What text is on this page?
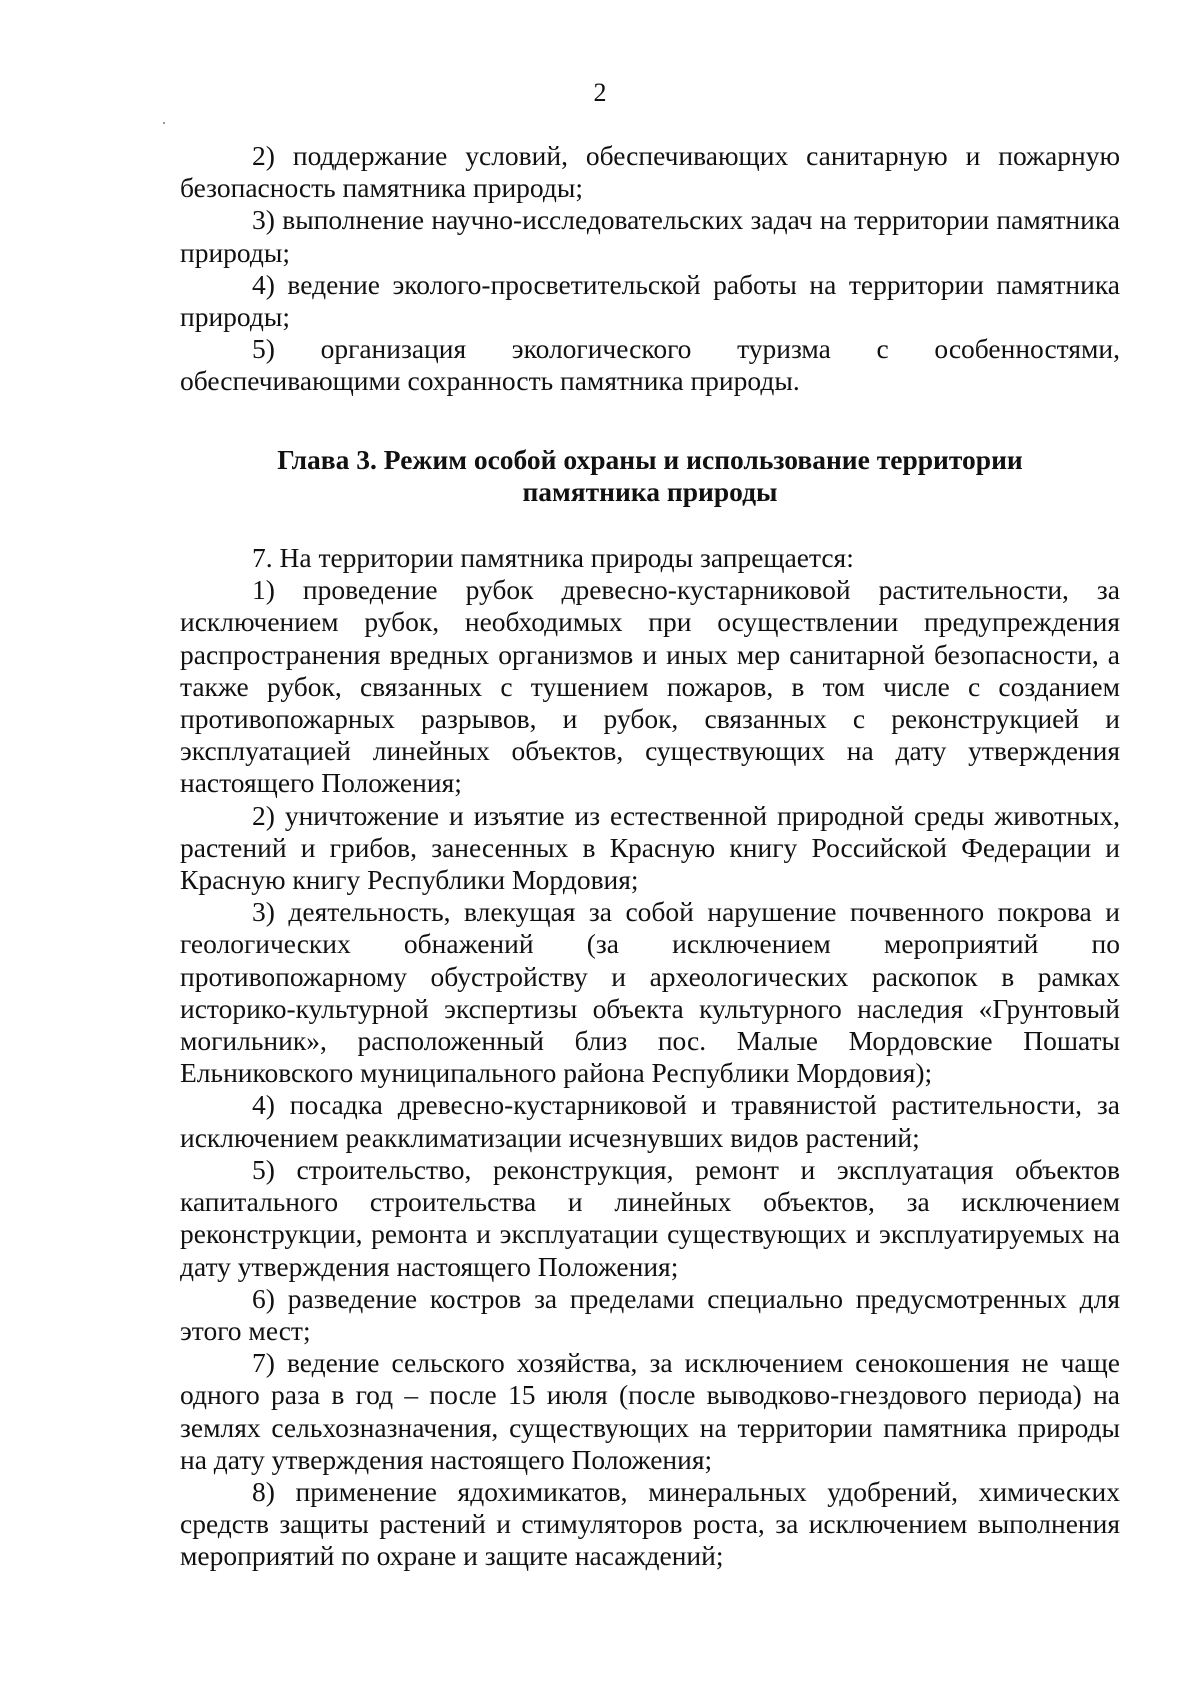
2

2) поддержание условий, обеспечивающих санитарную и пожарную безопасность памятника природы;

3) выполнение научно-исследовательских задач на территории памятника природы;

4) ведение эколого-просветительской работы на территории памятника природы;

5) организация экологического туризма с особенностями, обеспечивающими сохранность памятника природы.

Глава 3. Режим особой охраны и использование территории
памятника природы

7. На территории памятника природы запрещается:

1) проведение рубок древесно-кустарниковой растительности, за исключением рубок, необходимых при осуществлении предупреждения распространения вредных организмов и иных мер санитарной безопасности, а также рубок, связанных с тушением пожаров, в том числе с созданием противопожарных разрывов, и рубок, связанных с реконструкцией и эксплуатацией линейных объектов, существующих на дату утверждения настоящего Положения;

2) уничтожение и изъятие из естественной природной среды животных, растений и грибов, занесенных в Красную книгу Российской Федерации и Красную книгу Республики Мордовия;

3) деятельность, влекущая за собой нарушение почвенного покрова и геологических обнажений (за исключением мероприятий по противопожарному обустройству и археологических раскопок в рамках историко-культурной экспертизы объекта культурного наследия «Грунтовый могильник», расположенный близ пос. Малые Мордовские Пошаты Ельниковского муниципального района Республики Мордовия);

4) посадка древесно-кустарниковой и травянистой растительности, за исключением реакклиматизации исчезнувших видов растений;

5) строительство, реконструкция, ремонт и эксплуатация объектов капитального строительства и линейных объектов, за исключением реконструкции, ремонта и эксплуатации существующих и эксплуатируемых на дату утверждения настоящего Положения;

6) разведение костров за пределами специально предусмотренных для этого мест;

7) ведение сельского хозяйства, за исключением сенокошения не чаще одного раза в год – после 15 июля (после выводково-гнездового периода) на землях сельхозназначения, существующих на территории памятника природы на дату утверждения настоящего Положения;

8) применение ядохимикатов, минеральных удобрений, химических средств защиты растений и стимуляторов роста, за исключением выполнения мероприятий по охране и защите насаждений;
